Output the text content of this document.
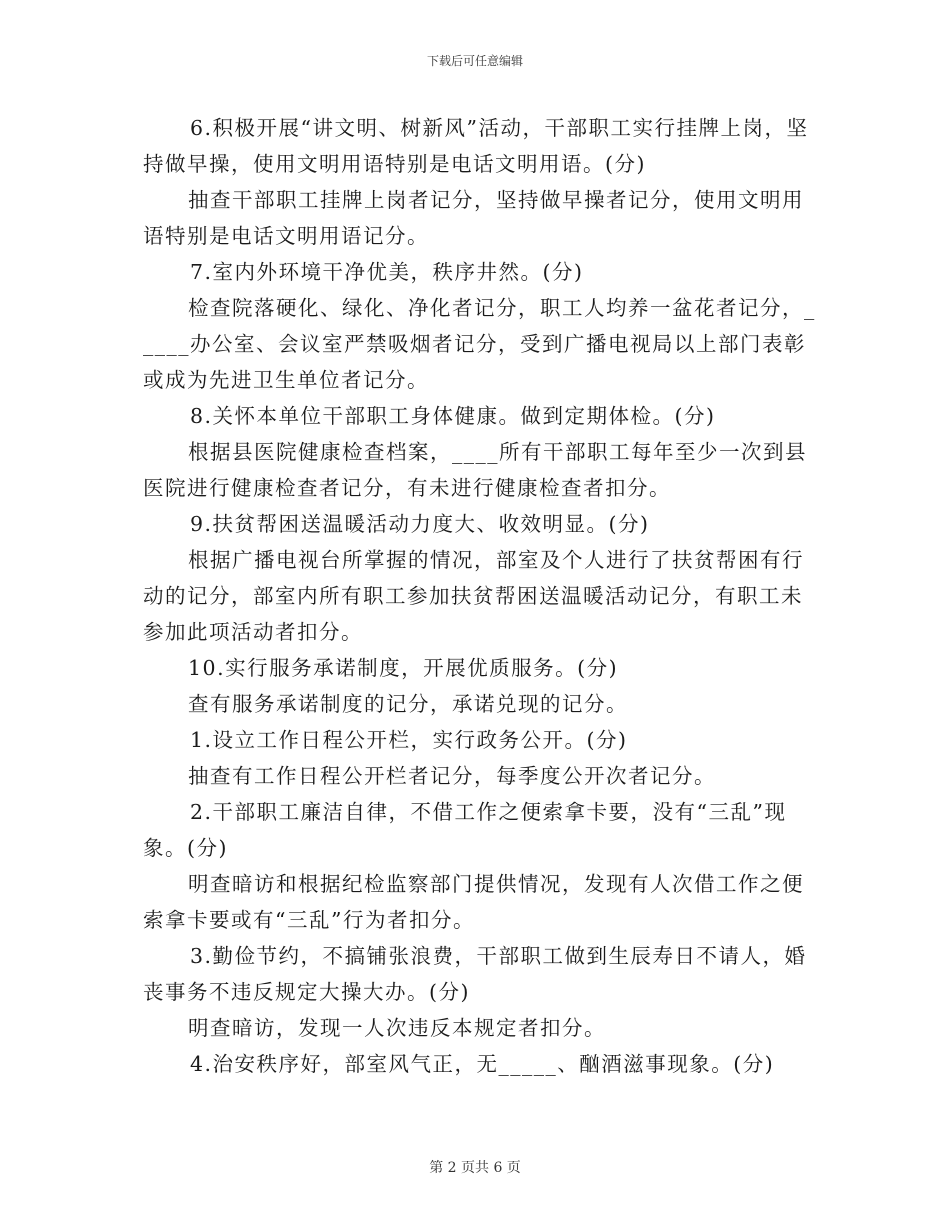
下载后可任意编辑

6.积极开展“讲文明、树新风”活动，干部职工实行挂牌上岗，坚持做早操，使用文明用语特别是电话文明用语。(分)

抽查干部职工挂牌上岗者记分，坚持做早操者记分，使用文明用语特别是电话文明用语记分。

7.室内外环境干净优美，秩序井然。(分)

检查院落硬化、绿化、净化者记分，职工人均养一盆花者记分，_____办公室、会议室严禁吸烟者记分，受到广播电视局以上部门表彰或成为先进卫生单位者记分。

8.关怀本单位干部职工身体健康。做到定期体检。(分)

根据县医院健康检查档案，____所有干部职工每年至少一次到县医院进行健康检查者记分，有未进行健康检查者扣分。

9.扶贫帮困送温暖活动力度大、收效明显。(分)

根据广播电视台所掌握的情况，部室及个人进行了扶贫帮困有行动的记分，部室内所有职工参加扶贫帮困送温暖活动记分，有职工未参加此项活动者扣分。

10.实行服务承诺制度，开展优质服务。(分)

查有服务承诺制度的记分，承诺兑现的记分。

1.设立工作日程公开栏，实行政务公开。(分)

抽查有工作日程公开栏者记分，每季度公开次者记分。

2.干部职工廉洁自律，不借工作之便索拿卡要，没有“三乱”现象。(分)

明查暗访和根据纪检监察部门提供情况，发现有人次借工作之便索拿卡要或有“三乱”行为者扣分。

3.勤俭节约，不搞铺张浪费，干部职工做到生辰寿日不请人，婚丧事务不违反规定大操大办。(分)

明查暗访，发现一人次违反本规定者扣分。

4.治安秩序好，部室风气正，无_____、酗酒滋事现象。(分)

第 2 页共 6 页
